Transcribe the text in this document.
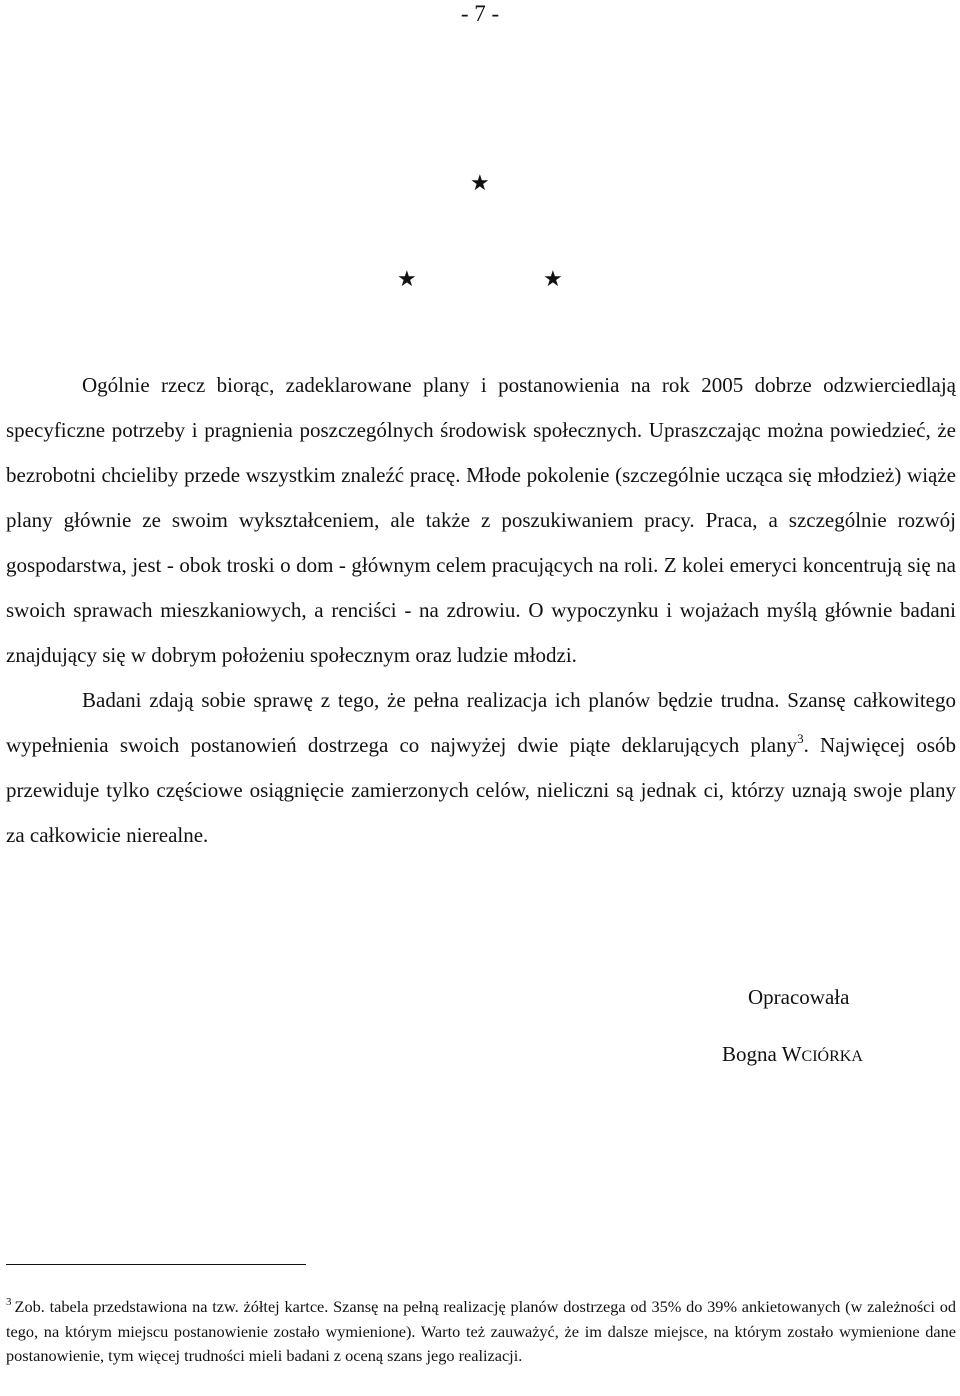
- 7 -
★
★	★

Ogólnie rzecz biorąc, zadeklarowane plany i postanowienia na rok 2005 dobrze odzwierciedlają specyficzne potrzeby i pragnienia poszczególnych środowisk społecznych. Upraszczając można powiedzieć, że bezrobotni chcieliby przede wszystkim znaleźć pracę. Młode pokolenie (szczególnie ucząca się młodzież) wiąże plany głównie ze swoim wykształceniem, ale także z poszukiwaniem pracy. Praca, a szczególnie rozwój gospodarstwa, jest - obok troski o dom - głównym celem pracujących na roli. Z kolei emeryci koncentrują się na swoich sprawach mieszkaniowych, a renciści - na zdrowiu. O wypoczynku i wojażach myślą głównie badani znajdujący się w dobrym położeniu społecznym oraz ludzie młodzi.

Badani zdają sobie sprawę z tego, że pełna realizacja ich planów będzie trudna. Szansę całkowitego wypełnienia swoich postanowień dostrzega co najwyżej dwie piąte deklarujących plany$^3$. Najwięcej osób przewiduje tylko częściowe osiągnięcie zamierzonych celów, nieliczni są jednak ci, którzy uznają swoje plany za całkowicie nierealne.

Opracowała
Bogna WCIÓRKA
$^3$ Zob. tabela przedstawiona na tzw. żółtej kartce. Szansę na pełną realizację planów dostrzega od 35% do 39% ankietowanych (w zależności od tego, na którym miejscu postanowienie zostało wymienione). Warto też zauważyć, że im dalsze miejsce, na którym zostało wymienione dane postanowienie, tym więcej trudności mieli badani z oceną szans jego realizacji.
